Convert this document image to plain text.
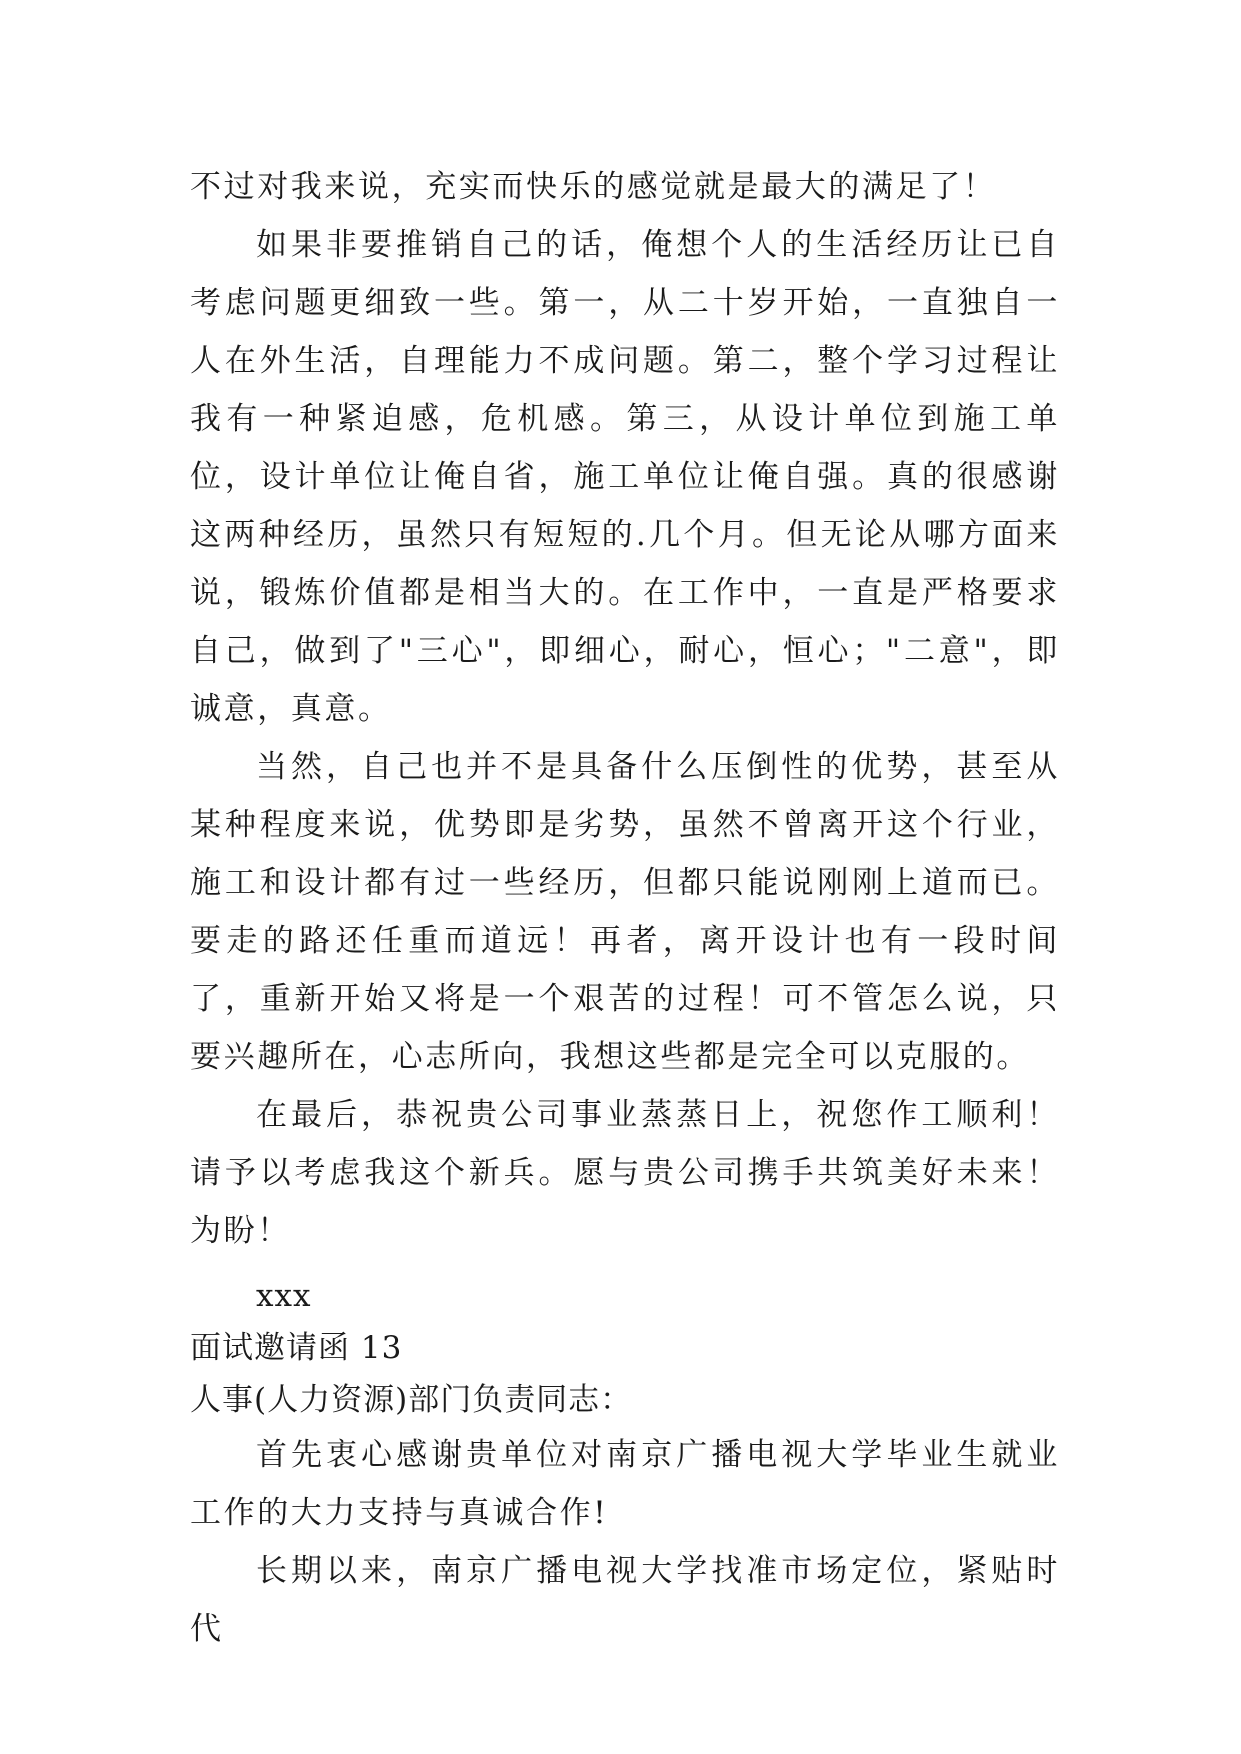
不过对我来说，充实而快乐的感觉就是最大的满足了！

如果非要推销自己的话，俺想个人的生活经历让已自考虑问题更细致一些。第一，从二十岁开始，一直独自一人在外生活，自理能力不成问题。第二，整个学习过程让我有一种紧迫感，危机感。第三，从设计单位到施工单位，设计单位让俺自省，施工单位让俺自强。真的很感谢这两种经历，虽然只有短短的.几个月。但无论从哪方面来说，锻炼价值都是相当大的。在工作中，一直是严格要求自己，做到了"三心"，即细心，耐心，恒心；"二意"，即诚意，真意。

当然，自己也并不是具备什么压倒性的优势，甚至从某种程度来说，优势即是劣势，虽然不曾离开这个行业，施工和设计都有过一些经历，但都只能说刚刚上道而已。要走的路还任重而道远！再者，离开设计也有一段时间了，重新开始又将是一个艰苦的过程！可不管怎么说，只要兴趣所在，心志所向，我想这些都是完全可以克服的。

在最后，恭祝贵公司事业蒸蒸日上，祝您作工顺利！请予以考虑我这个新兵。愿与贵公司携手共筑美好未来！为盼！

xxx

面试邀请函 13

人事(人力资源)部门负责同志：

首先衷心感谢贵单位对南京广播电视大学毕业生就业工作的大力支持与真诚合作!

长期以来，南京广播电视大学找准市场定位，紧贴时代
